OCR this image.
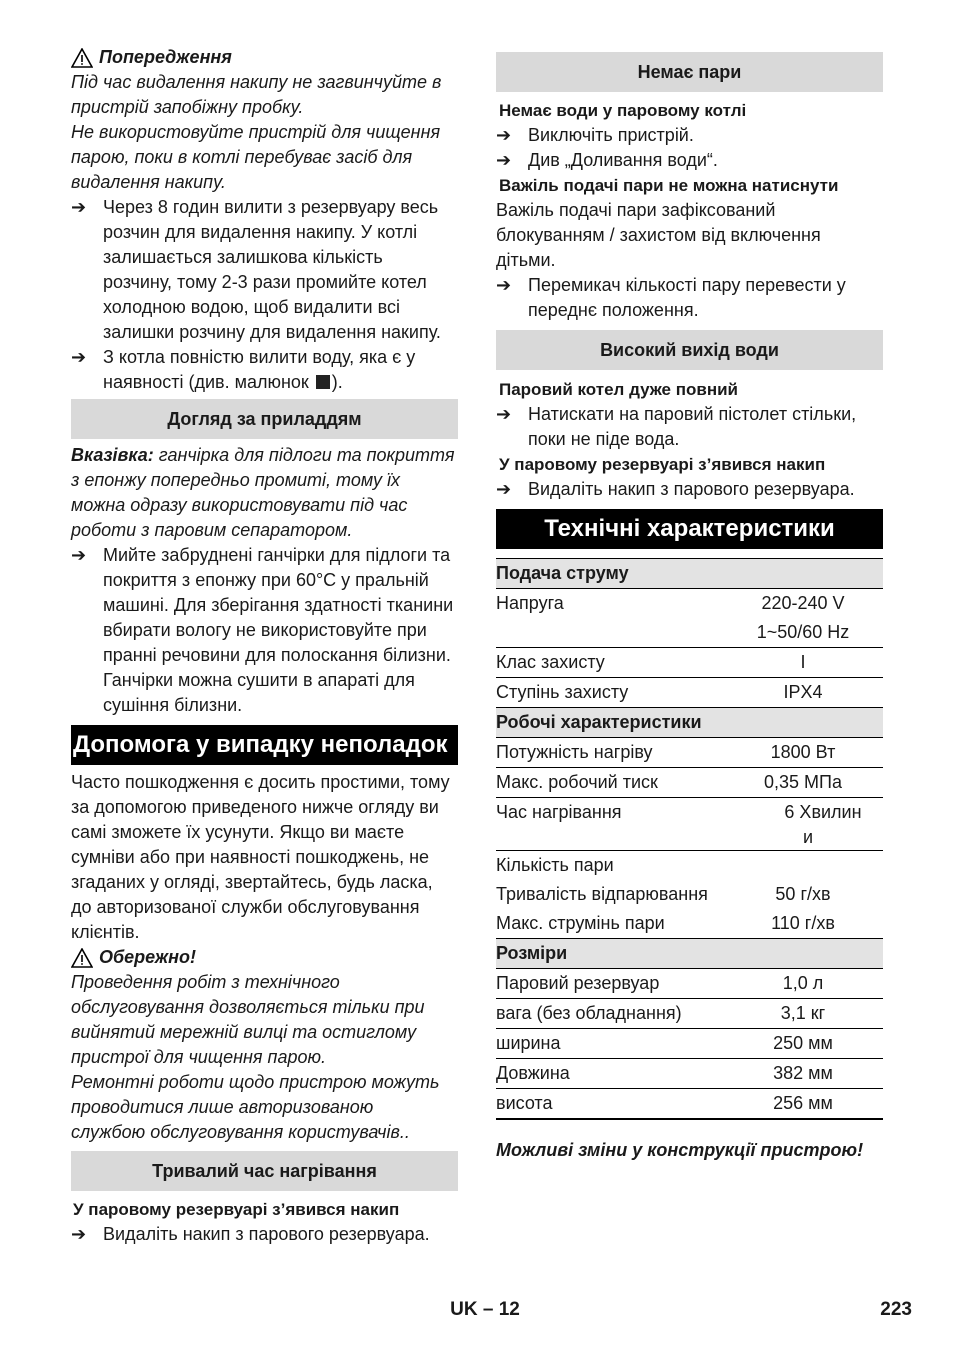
Попередження

Під час видалення накипу не загвинчуйте в

пристрій запобіжну пробку.

Не використовуйте пристрій для чищення

парою, поки в котлі перебуває засіб для

видалення накипу.

➔ Через 8 годин вилити з резервуару весь

розчин для видалення накипу. У котлі

залишається залишкова кількість

розчину, тому 2-3 рази промийте котел

холодною водою, щоб видалити всі

залишки розчину для видалення накипу.

➔ З котла повністю вилити воду, яка є у

наявності (див. малюнок ).

Догляд за приладдям

Вказівка: ганчірка для підлоги та покриття

з епонжу попередньо промиті, тому їх

можна одразу використовувати під час

роботи з паровим сепаратором.

➔ Мийте забруднені ганчірки для підлоги та

покриття з епонжу при 60°C у пральній

машині. Для зберігання здатності тканини

вбирати вологу не використовуйте при

пранні речовини для полоскання білизни.

Ганчірки можна сушити в апараті для

сушіння білизни.

Допомога у випадку неполадок

Часто пошкодження є досить простими, тому

за допомогою приведеного нижче огляду ви

самі зможете їх усунути. Якщо ви маєте

сумніви або при наявності пошкоджень, не

згаданих у огляді, звертайтесь, будь ласка,

до авторизованої служби обслуговування

клієнтів.

Обережно!

Проведення робіт з технічного

обслуговування дозволяється тільки при

вийнятий мережній вилці та остиглому

пристрої для чищення парою.

Ремонтні роботи щодо пристрою можуть

проводитися лише авторизованою

службою обслуговування користувачів..

Тривалий час нагрівання

У паровому резервуарі з’явився накип

➔ Видаліть накип з парового резервуара.

Немає пари

Немає води у паровому котлі

➔ Виключіть пристрій.

➔ Див „Доливання води“.

Важіль подачі пари не можна натиснути

Важіль подачі пари зафіксований

блокуванням / захистом від включення

дітьми.

➔ Перемикач кількості пару перевести у

переднє положення.

Високий вихід води

Паровий котел дуже повний

➔ Натискати на паровий пістолет стільки,

поки не піде вода.

У паровому резервуарі з’явився накип

➔ Видаліть накип з парового резервуара.

Технічні характеристики
Подача струму	
Напруга	220-240 V
	1~50/60 Hz
Клас захисту	I
Ступінь захисту	IPX4
Робочі характеристики	
Потужність нагріву	1800 Вт
Макс. робочий тиск	0,35 МПа
Час нагрівання	6 Хвилин
и

Кількість пари	
Тривалість відпарювання	50 г/хв
Макс. струмінь пари	110 г/хв
Розміри	
Паровий резервуар	1,0 л
вага (без обладнання)	3,1 кг
ширина	250 мм
Довжина	382 мм
висота	256 мм

Можливі зміни у конструкції пристрою!

UK – 12	223
